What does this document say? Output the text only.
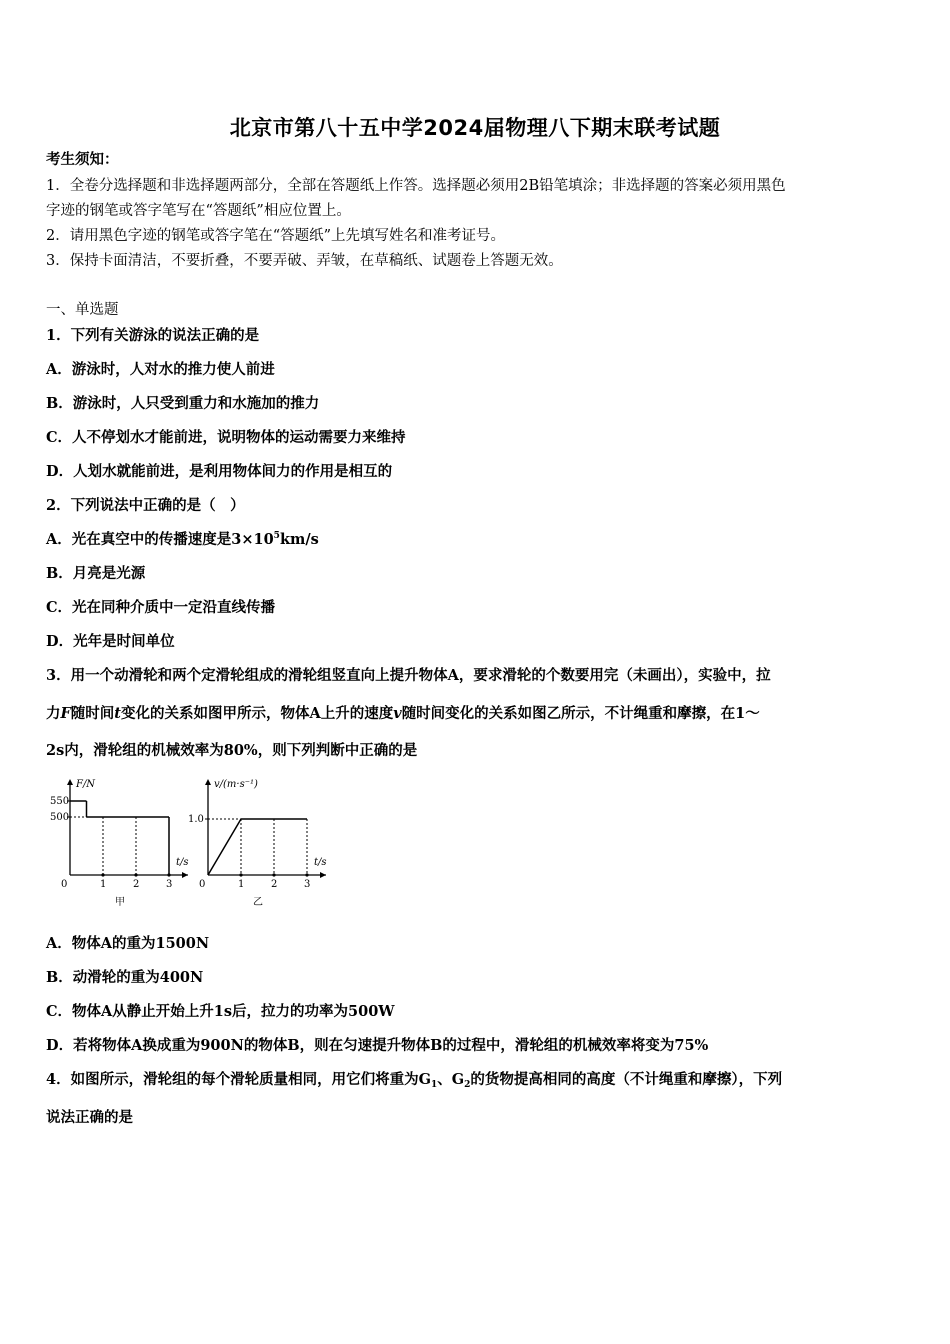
北京市第八十五中学2024届物理八下期末联考试题
考生须知：
1．全卷分选择题和非选择题两部分，全部在答题纸上作答。选择题必须用2B铅笔填涂；非选择题的答案必须用黑色
字迹的钢笔或答字笔写在“答题纸”相应位置上。
2．请用黑色字迹的钢笔或答字笔在“答题纸”上先填写姓名和准考证号。
3．保持卡面清洁，不要折叠，不要弄破、弄皱，在草稿纸、试题卷上答题无效。
一、单选题
1．下列有关游泳的说法正确的是
A．游泳时，人对水的推力使人前进
B．游泳时，人只受到重力和水施加的推力
C．人不停划水才能前进，说明物体的运动需要力来维持
D．人划水就能前进，是利用物体间力的作用是相互的
2．下列说法中正确的是（　）
A．光在真空中的传播速度是$3\times 10^5km/s$
B．月亮是光源
C．光在同种介质中一定沿直线传播
D．光年是时间单位
3．用一个动滑轮和两个定滑轮组成的滑轮组竖直向上提升物体A，要求滑轮的个数要用完（未画出），实验中，拉
力F随时间t变化的关系如图甲所示，物体A上升的速度v随时间变化的关系如图乙所示，不计绳重和摩擦，在1～
2s内，滑轮组的机械效率为80%，则下列判断中正确的是
F/N
t/s
0	1	2	3
500
550
甲
v/(m·s⁻¹)
t/s
0	1	2	3
1.0
乙
A．物体A的重为1500N
B．动滑轮的重为400N
C．物体A从静止开始上升1s后，拉力的功率为500W
D．若将物体A换成重为900N的物体B，则在匀速提升物体B的过程中，滑轮组的机械效率将变为75%
4．如图所示，滑轮组的每个滑轮质量相同，用它们将重为$G_1$、$G_2$的货物提高相同的高度（不计绳重和摩擦），下列
说法正确的是
